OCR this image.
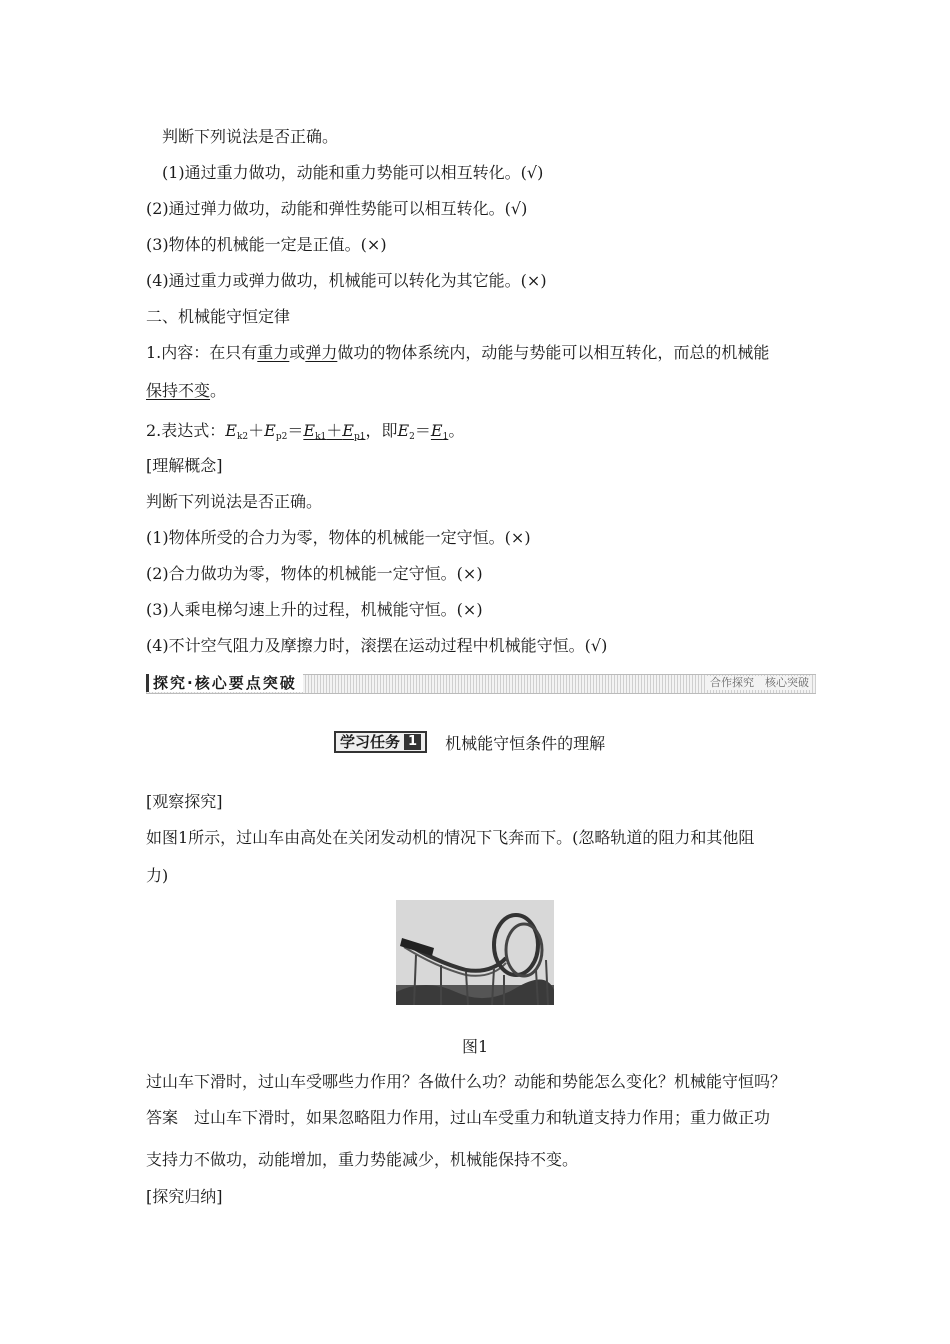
判断下列说法是否正确。
(1)通过重力做功，动能和重力势能可以相互转化。(√)
(2)通过弹力做功，动能和弹性势能可以相互转化。(√)
(3)物体的机械能一定是正值。(×)
(4)通过重力或弹力做功，机械能可以转化为其它能。(×)
二、机械能守恒定律
1.内容：在只有重力或弹力做功的物体系统内，动能与势能可以相互转化，而总的机械能
保持不变。
2.表达式：$E_{k2}+E_{p2}=E_{k1}+E_{p1}$，即$E_2=E_1$。
[理解概念]
判断下列说法是否正确。
(1)物体所受的合力为零，物体的机械能一定守恒。(×)
(2)合力做功为零，物体的机械能一定守恒。(×)
(3)人乘电梯匀速上升的过程，机械能守恒。(×)
(4)不计空气阻力及摩擦力时，滚摆在运动过程中机械能守恒。(√)
探究·核心要点突破	合作探究　核心突破
学习任务 1 机械能守恒条件的理解
[观察探究]
如图1所示，过山车由高处在关闭发动机的情况下飞奔而下。(忽略轨道的阻力和其他阻
力)
图1
过山车下滑时，过山车受哪些力作用？各做什么功？动能和势能怎么变化？机械能守恒吗？
答案　过山车下滑时，如果忽略阻力作用，过山车受重力和轨道支持力作用；重力做正功
支持力不做功，动能增加，重力势能减少，机械能保持不变。
[探究归纳]
